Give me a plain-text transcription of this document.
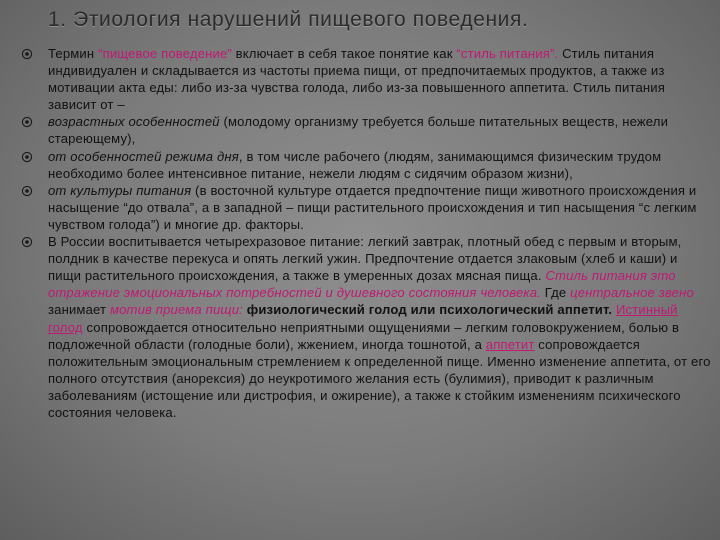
1. Этиология нарушений пищевого поведения.

Термин “пищевое поведение” включает в себя такое понятие как “стиль питания”. Стиль питания индивидуален и складывается из частоты приема пищи, от предпочитаемых продуктов, а также из мотивации акта еды: либо из-за чувства голода, либо из-за повышенного аппетита. Стиль питания зависит от –

возрастных особенностей (молодому организму требуется больше питательных веществ, нежели стареющему),

от особенностей режима дня, в том числе рабочего (людям, занимающимся физическим трудом необходимо более интенсивное питание, нежели людям с сидячим образом жизни),

от культуры питания (в восточной культуре отдается предпочтение пищи животного происхождения и насыщение “до отвала”, а в западной – пищи растительного происхождения и тип насыщения “с легким чувством голода”) и многие др. факторы.

В России воспитывается четырехразовое питание: легкий завтрак, плотный обед с первым и вторым, полдник в качестве перекуса и опять легкий ужин. Предпочтение отдается злаковым (хлеб и каши) и пищи растительного происхождения, а также в умеренных дозах мясная пища. Стиль питания это отражение эмоциональных потребностей и душевного состояния человека. Где центральное звено занимает мотив приема пищи: физиологический голод или психологический аппетит. Истинный голод сопровождается относительно неприятными ощущениями – легким головокружением, болью в подложечной области (голодные боли), жжением, иногда тошнотой, а аппетит сопровождается положительным эмоциональным стремлением к определенной пище. Именно изменение аппетита, от его полного отсутствия (анорексия) до неукротимого желания есть (булимия), приводит к различным заболеваниям (истощение или дистрофия, и ожирение), а также к стойким изменениям психического состояния человека.
